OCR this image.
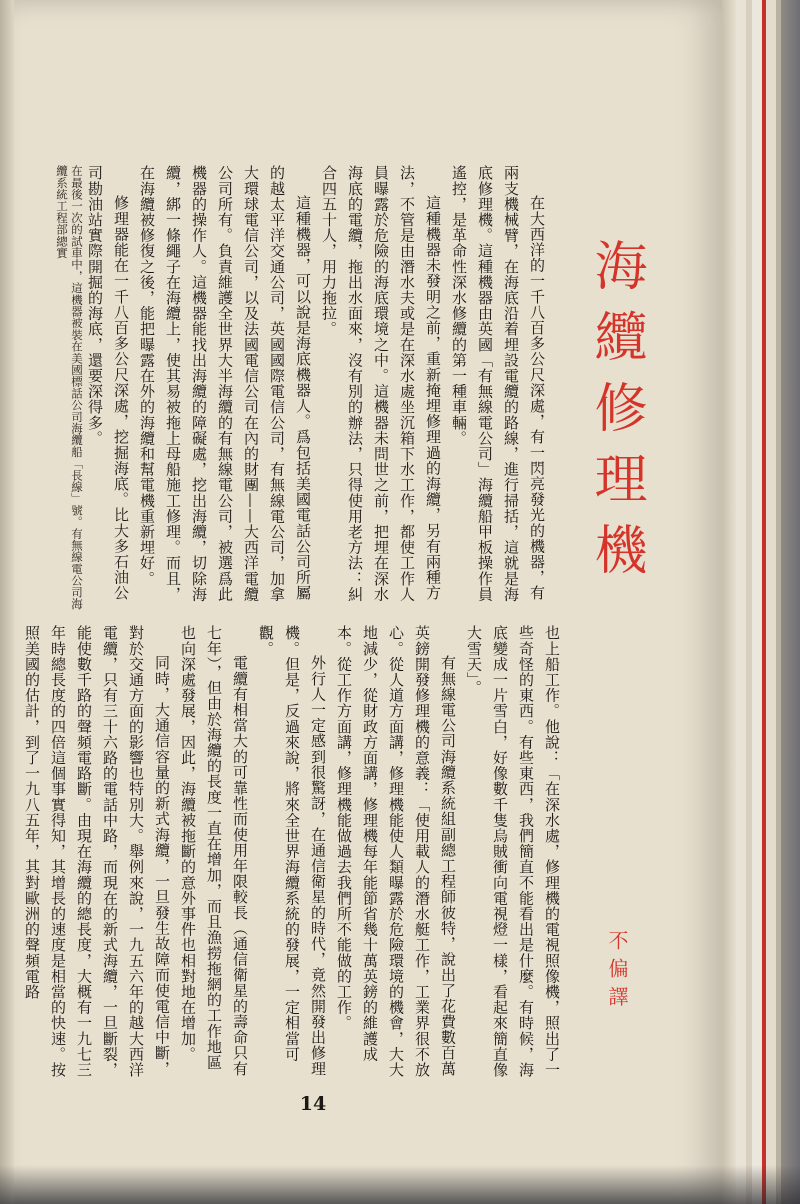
海纜修理機

在大西洋的一千八百多公尺深處，有一閃亮發光的機器，有兩支機械臂，在海底沿着埋設電纜的路線，進行掃括，這就是海底修理機。這種機器由英國「有無線電公司」海纜船甲板操作員遙控，是革命性深水修纜的第一種車輛。

這種機器未發明之前，重新掩埋修理過的海纜，另有兩種方法，不管是由潛水夫或是在深水處坐沉箱下水工作，都使工作人員曝露於危險的海底環境之中。這機器未問世之前，把埋在深水海底的電纜，拖出水面來，沒有別的辦法，只得使用老方法：糾合四五十人，用力拖拉。

這種機器，可以說是海底機器人。爲包括美國電話公司所屬的越太平洋交通公司，英國國際電信公司，有無線電公司，加拿大環球電信公司，以及法國電信公司在內的財團——大西洋電纜公司所有。負責維護全世界大半海纜的有無線電公司，被選爲此機器的操作人。這機器能找出海纜的障礙處，挖出海纜，切除海纜，綁一條繩子在海纜上，使其易被拖上母船施工修理。而且，在海纜被修復之後，能把曝露在外的海纜和幫電機重新埋好。

修理器能在一千八百多公尺深處，挖掘海底。比大多石油公司勘油站實際開掘的海底，還要深得多。

在最後一次的試車中，這機器被裝在美國標話公司海纜船「長線」號。有無線電公司海纜系統工程部總實

也上船工作。他說：「在深水處，修理機的電視照像機，照出了一些奇怪的東西。有些東西，我們簡直不能看出是什麼。有時候，海底變成一片雪白，好像數千隻烏賊衝向電視燈一樣，看起來簡直像大雪天」。

有無線電公司海纜系統組副總工程師彼特，說出了花費數百萬英鎊開發修理機的意義：「使用載人的潛水艇工作，工業界很不放心。從人道方面講，修理機能使人類曝露於危險環境的機會，大大地減少，從財政方面講，修理機每年能節省幾十萬英鎊的維護成本。從工作方面講，修理機能做過去我們所不能做的工作。

外行人一定感到很驚訝，在通信衛星的時代，竟然開發出修理機。但是，反過來說，將來全世界海纜系統的發展，一定相當可觀。

電纜有相當大的可靠性而使用年限較長（通信衛星的壽命只有七年），但由於海纜的長度一直在增加，而且漁撈拖網的工作地區也向深處發展，因此，海纜被拖斷的意外事件也相對地在增加。

同時，大通信容量的新式海纜，一旦發生故障而使電信中斷，對於交通方面的影響也特別大。舉例來說，一九五六年的越大西洋電纜，只有三十六路的電話中路，而現在的新式海纜，一旦斷裂，能使數千路的聲頻電路斷。由現在海纜的總長度，大概有一九七三年時總長度的四倍這個事實得知，其增長的速度是相當的快速。按照美國的估計，到了一九八五年，其對歐洲的聲頻電路	不偏譯
14
